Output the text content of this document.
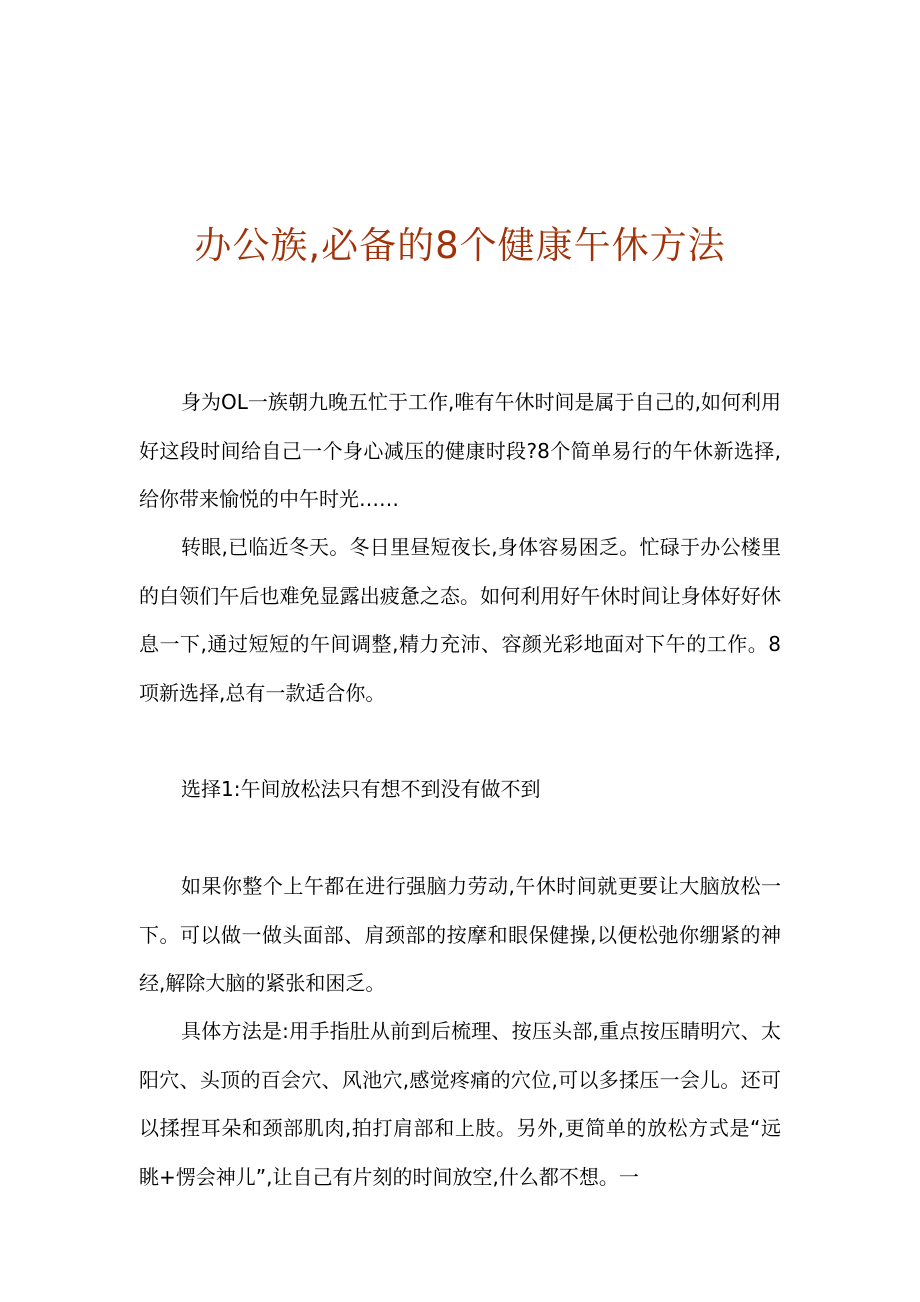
办公族,必备的8个健康午休方法

身为OL一族朝九晚五忙于工作,唯有午休时间是属于自己的,如何利用好这段时间给自己一个身心减压的健康时段?8个简单易行的午休新选择,给你带来愉悦的中午时光……

转眼,已临近冬天。冬日里昼短夜长,身体容易困乏。忙碌于办公楼里的白领们午后也难免显露出疲惫之态。如何利用好午休时间让身体好好休息一下,通过短短的午间调整,精力充沛、容颜光彩地面对下午的工作。8项新选择,总有一款适合你。

选择1:午间放松法只有想不到没有做不到

如果你整个上午都在进行强脑力劳动,午休时间就更要让大脑放松一下。可以做一做头面部、肩颈部的按摩和眼保健操,以便松弛你绷紧的神经,解除大脑的紧张和困乏。

具体方法是:用手指肚从前到后梳理、按压头部,重点按压睛明穴、太阳穴、头顶的百会穴、风池穴,感觉疼痛的穴位,可以多揉压一会儿。还可以揉捏耳朵和颈部肌肉,拍打肩部和上肢。另外,更简单的放松方式是“远眺+愣会神儿”,让自己有片刻的时间放空,什么都不想。一
